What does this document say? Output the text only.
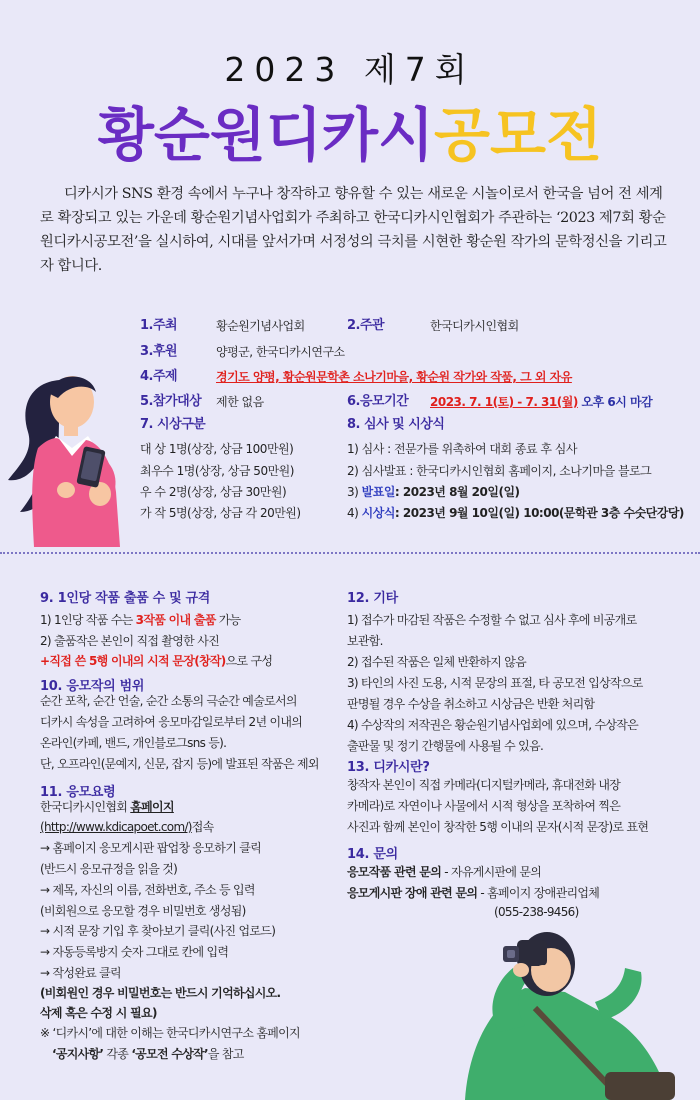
2023 제7회
황순원디카시공모전

디카시가 SNS 환경 속에서 누구나 창작하고 향유할 수 있는 새로운 시놀이로서 한국을 넘어 전 세계로 확장되고 있는 가운데 황순원기념사업회가 주최하고 한국디카시인협회가 주관하는 ‘2023 제7회 황순원디카시공모전’을 실시하여, 시대를 앞서가며 서정성의 극치를 시현한 황순원 작가의 문학정신을 기리고자 합니다.

1.주최	황순원기념사업회	2.주관	한국디카시인협회
3.후원	양평군, 한국디카시연구소
4.주제	경기도 양평, 황순원문학촌 소나기마을, 황순원 작가와 작품, 그 외 자유
5.참가대상 제한 없음	6.응모기간 2023. 7. 1(토) - 7. 31(월) 오후 6시 마감
7. 시상구분	8. 심사 및 시상식
대 상 1명(상장, 상금 100만원)
최우수 1명(상장, 상금 50만원)
우 수 2명(상장, 상금 30만원)
가 작 5명(상장, 상금 각 20만원)
1) 심사 : 전문가를 위촉하여 대회 종료 후 심사
2) 심사발표 : 한국디카시인협회 홈페이지, 소나기마을 블로그
3) 발표일: 2023년 8월 20일(일)
4) 시상식: 2023년 9월 10일(일) 10:00(문학관 3층 수숫단강당)
9. 1인당 작품 출품 수 및 규격
1) 1인당 작품 수는 3작품 이내 출품 가능
2) 출품작은 본인이 직접 촬영한 사진
+직접 쓴 5행 이내의 시적 문장(창작)으로 구성
10. 응모작의 범위
순간 포착, 순간 언술, 순간 소통의 극순간 예술로서의
디카시 속성을 고려하여 응모마감일로부터 2년 이내의
온라인(카페, 밴드, 개인블로그sns 등).
단, 오프라인(문예지, 신문, 잡지 등)에 발표된 작품은 제외
11. 응모요령
한국디카시인협회 홈페이지
(http://www.kdicapoet.com/)접속
→ 홈페이지 응모게시판 팝업창 응모하기 클릭
(반드시 응모규정을 읽을 것)
→ 제목, 자신의 이름, 전화번호, 주소 등 입력
(비회원으로 응모할 경우 비밀번호 생성됨)
→ 시적 문장 기입 후 찾아보기 클릭(사진 업로드)
→ 자동등록방지 숫자 그대로 칸에 입력
→ 작성완료 클릭
(비회원인 경우 비밀번호는 반드시 기억하십시오.
삭제 혹은 수정 시 필요)
※ ‘디카시’에 대한 이해는 한국디카시연구소 홈페이지
‘공지사항’ 각종 ‘공모전 수상작’을 참고
12. 기타
1) 접수가 마감된 작품은 수정할 수 없고 심사 후에 비공개로
보관함.
2) 접수된 작품은 일체 반환하지 않음
3) 타인의 사진 도용, 시적 문장의 표절, 타 공모전 입상작으로
판명될 경우 수상을 취소하고 시상금은 반환 처리함
4) 수상작의 저작권은 황순원기념사업회에 있으며, 수상작은
출판물 및 정기 간행물에 사용될 수 있음.
13. 디카시란?
창작자 본인이 직접 카메라(디지털카메라, 휴대전화 내장
카메라)로 자연이나 사물에서 시적 형상을 포착하여 찍은
사진과 함께 본인이 창작한 5행 이내의 문자(시적 문장)로 표현
14. 문의
응모작품 관련 문의 - 자유게시판에 문의
응모게시판 장애 관련 문의 - 홈페이지 장애관리업체
(055-238-9456)
